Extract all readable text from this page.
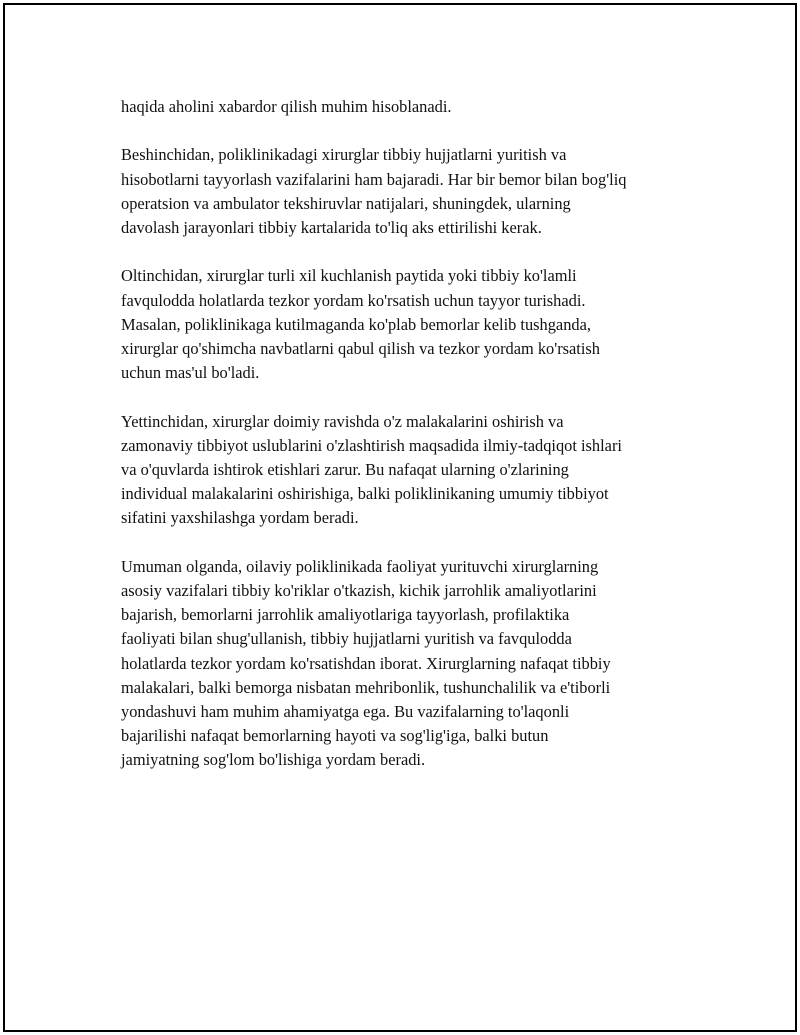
haqida aholini xabardor qilish muhim hisoblanadi.

Beshinchidan, poliklinikadagi xirurglar tibbiy hujjatlarni yuritish va
hisobotlarni tayyorlash vazifalarini ham bajaradi. Har bir bemor bilan bog'liq
operatsion va ambulator tekshiruvlar natijalari, shuningdek, ularning
davolash jarayonlari tibbiy kartalarida to'liq aks ettirilishi kerak.

Oltinchidan, xirurglar turli xil kuchlanish paytida yoki tibbiy ko'lamli
favqulodda holatlarda tezkor yordam ko'rsatish uchun tayyor turishadi.
Masalan, poliklinikaga kutilmaganda ko'plab bemorlar kelib tushganda,
xirurglar qo'shimcha navbatlarni qabul qilish va tezkor yordam ko'rsatish
uchun mas'ul bo'ladi.

Yettinchidan, xirurglar doimiy ravishda o'z malakalarini oshirish va
zamonaviy tibbiyot uslublarini o'zlashtirish maqsadida ilmiy-tadqiqot ishlari
va o'quvlarda ishtirok etishlari zarur. Bu nafaqat ularning o'zlarining
individual malakalarini oshirishiga, balki poliklinikaning umumiy tibbiyot
sifatini yaxshilashga yordam beradi.

Umuman olganda, oilaviy poliklinikada faoliyat yurituvchi xirurglarning
asosiy vazifalari tibbiy ko'riklar o'tkazish, kichik jarrohlik amaliyotlarini
bajarish, bemorlarni jarrohlik amaliyotlariga tayyorlash, profilaktika
faoliyati bilan shug'ullanish, tibbiy hujjatlarni yuritish va favqulodda
holatlarda tezkor yordam ko'rsatishdan iborat. Xirurglarning nafaqat tibbiy
malakalari, balki bemorga nisbatan mehribonlik, tushunchalilik va e'tiborli
yondashuvi ham muhim ahamiyatga ega. Bu vazifalarning to'laqonli
bajarilishi nafaqat bemorlarning hayoti va sog'lig'iga, balki butun
jamiyatning sog'lom bo'lishiga yordam beradi.
